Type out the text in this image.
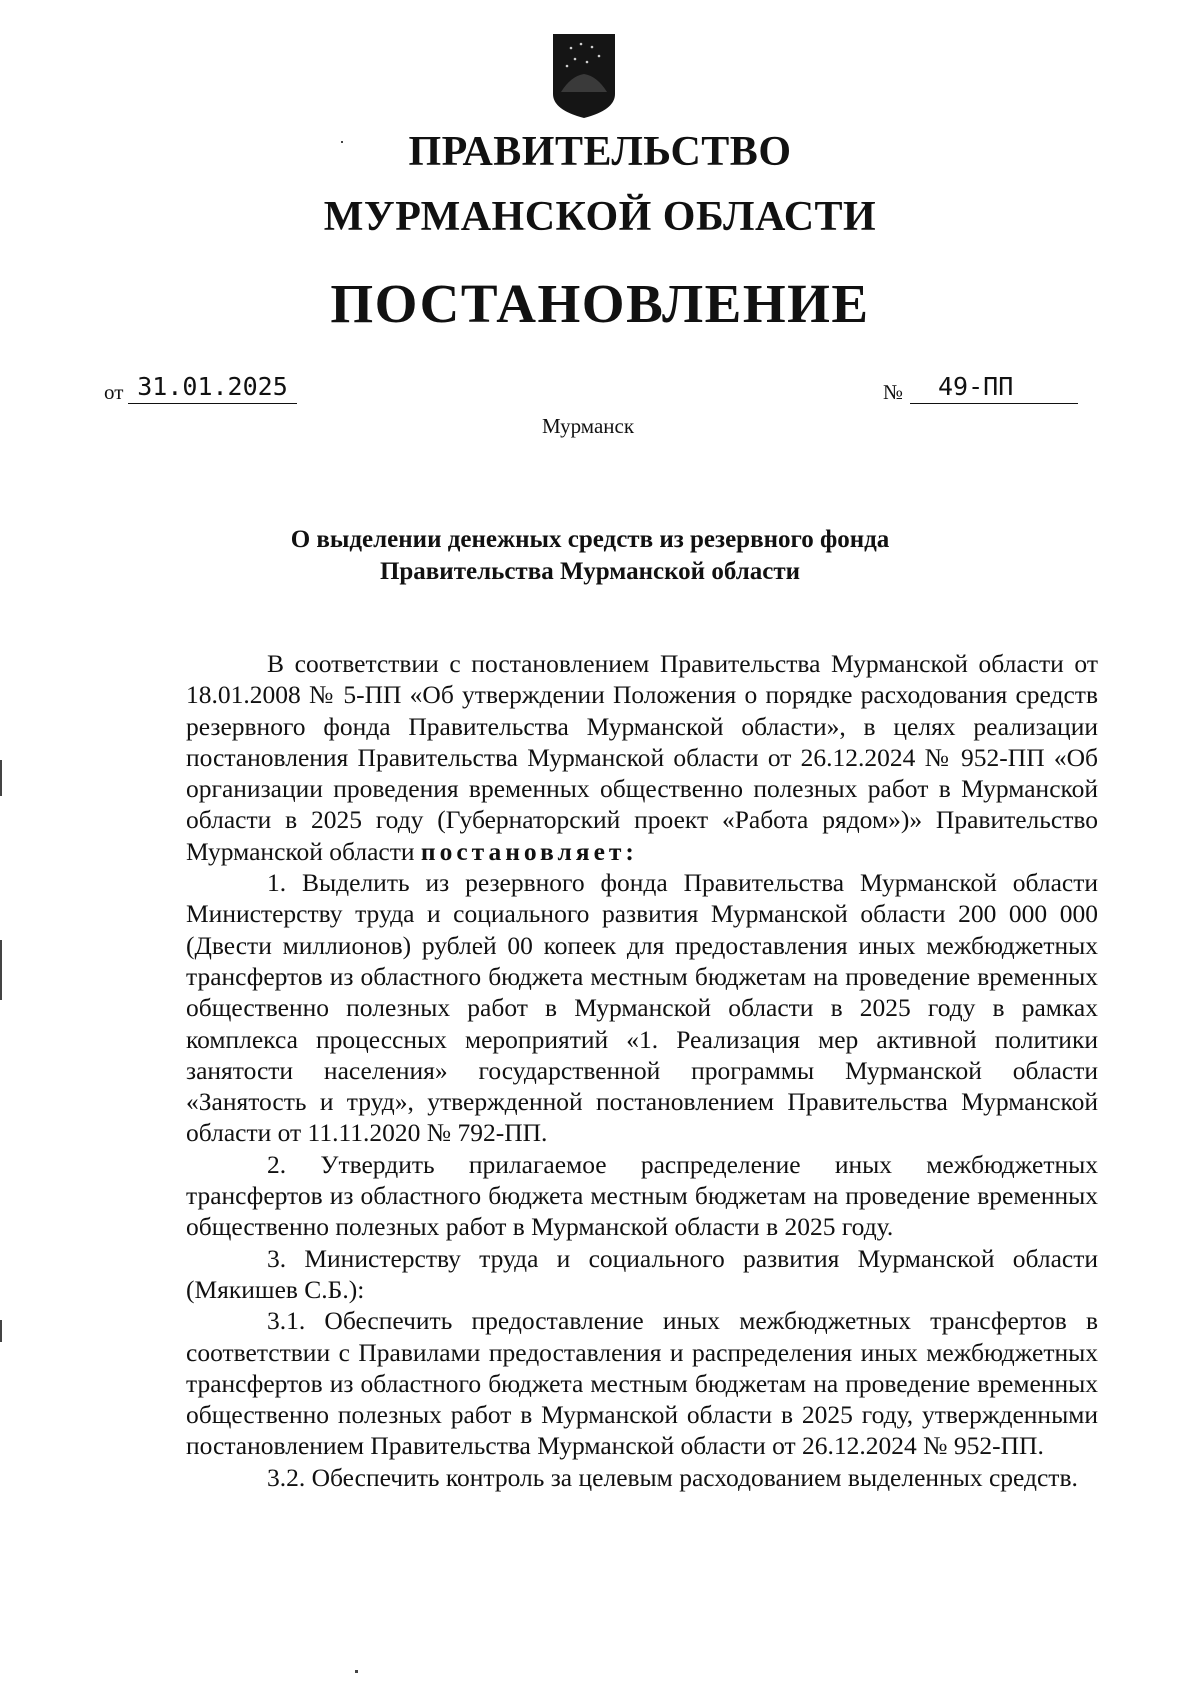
ПРАВИТЕЛЬСТВО
МУРМАНСКОЙ ОБЛАСТИ
ПОСТАНОВЛЕНИЕ
от 31.01.2025	№	49-ПП
Мурманск
О выделении денежных средств из резервного фонда
Правительства Мурманской области

В соответствии с постановлением Правительства Мурманской области от 18.01.2008 № 5-ПП «Об утверждении Положения о порядке расходования средств резервного фонда Правительства Мурманской области», в целях реализации постановления Правительства Мурманской области от 26.12.2024 № 952-ПП «Об организации проведения временных общественно полезных работ в Мурманской области в 2025 году (Губернаторский проект «Работа рядом»)» Правительство Мурманской области постановляет:

1. Выделить из резервного фонда Правительства Мурманской области Министерству труда и социального развития Мурманской области 200 000 000 (Двести миллионов) рублей 00 копеек для предоставления иных межбюджетных трансфертов из областного бюджета местным бюджетам на проведение временных общественно полезных работ в Мурманской области в 2025 году в рамках комплекса процессных мероприятий «1. Реализация мер активной политики занятости населения» государственной программы Мурманской области «Занятость и труд», утвержденной постановлением Правительства Мурманской области от 11.11.2020 № 792-ПП.

2. Утвердить прилагаемое распределение иных межбюджетных трансфертов из областного бюджета местным бюджетам на проведение временных общественно полезных работ в Мурманской области в 2025 году.

3. Министерству труда и социального развития Мурманской области (Мякишев С.Б.):

3.1. Обеспечить предоставление иных межбюджетных трансфертов в соответствии с Правилами предоставления и распределения иных межбюджетных трансфертов из областного бюджета местным бюджетам на проведение временных общественно полезных работ в Мурманской области в 2025 году, утвержденными постановлением Правительства Мурманской области от 26.12.2024 № 952-ПП.

3.2. Обеспечить контроль за целевым расходованием выделенных средств.
